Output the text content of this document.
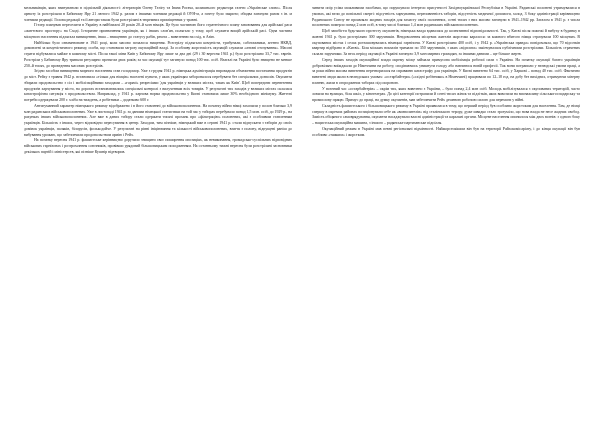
мельниківців, яких звинуватили в підпільній діяльності: літераторів Олену Телігу та Івана Рогача, колишнього редактора газети «Українське слово». Після арешту їх розстріляли в Бабиному Яру 21 лютого 1942 р. разом з іншими членами редакції й ОУН-м, а газету було закрито; обидва загинули разом з ін. м членами редакції. Голова редакції та її автори також були розстріляні в тюремних приміщеннях у травні.

Гітлер планував переселити в Україну в найближчі 20 років 20–й млн німців. Це було частиною його стратегічного плану завоювання для арійської раси «життєвого простору» на Сході. Історичне призначення українців, як і інших слов'ян, полягало у тому, щоб служити вищій арійській расі. Одна частина місцевого населення підлягала винищенню, інша – знищенню до статусу рабів, решта – вивезенню на схід, в Азію.

Найбільш було ознаменоване в 1941 році, коли масово почалося нищення. Розстрілу підлягали комуністи, трибунали, саботажники, агенти НКВД, домовлені за комуністичного режиму, особи, що становили загрозу окупаційній владі. За особливу жорстокість окупацій служили «ачтаві оточування». Масові страти відбувалися майже в кожному місті. Після такої міни Київ у Бабиному Яру лише за два дні (29 і 30 вересня 1941 р.) було розстріляно 33,7 тис. євреїв. Розстріли у Бабиному Яру тривали регулярно протягом двох років; за час окупації тут загинуло понад 100 тис. осіб. Взагалі на Україні було знищено не менше 250–й тисяч, до проведення масових розстрілів.

Згідно засобом винищення мирного населення став голодомор. Уже з грудня 1941 р. німецька адміністрація впровадила обмеження постачання продуктів до міст. Рейху з травня 1942 р. встановила «тільки для німців» населені пункти, у яких українцям заборонялося перебувати без спеціальних дозволів. Окупанти збирали продовольство з сіл і мобілізаційними заходами – «гарячі» репресіями 'для українців у великих містах, таких як Київ'. Щоб попередити перевезення продуктів харчування у місто, на дорогах встановлювались спеціальні контролі з вилученням всіх товарів. У результаті тих заходів у великих містах склалася катастрофічна ситуація з продовольством. Наприклад, у 1941 р. харчова норма продовольства у Києві становила лише 30% необхідного мінімуму. Життєві потреби одержували 200 г. хліба на тиждень, а робітники – додатково 600 г.

Антигуманний характер німецького режиму відображено і в його ставленні до військовополонених. На початку війни німці захопили у полон близько 3,9 млн радянських військовополонених. Уже в листопаді 1941 р. за даними німецької статистики на той час у таборах перебувало понад 1,5 млн. осіб, до 1929 р., на рахунках інших військовополонених. Але вже в даних табору стали одержати тисячі прохань про «фільтрацію» полонених, які з особливим ставленням українців. Більшість з інших, через відповідно пересування в центр. Заходом, тим пізніше, німецький вже в серпні 1941 р. стали відпускати з таборів до своїх домівок українців, поляків, білорусів, фольксдойче. У результаті на рівні ініціювання та кількості військовополонених, взяття з полону, відпущені раніш до вибування урожаю, що забезпечили продовольством армію і Рейх.

На початку вересня 1941 р. фашистське керівництво доручило знищити своє поширення опозиціях, як невиконання, громадсько-суспільних відповідних військових гарнізонах і розгромлення союзників, провівши урядовий більшовицьким походженням. На останньому тижні вересня були розстріляні засновники декількох партій і міністерств, які пізніше Кушнір відтворив.

чинити опір усіма можливими засобами, що порушувало інтереси присутності Західноукраїнської Республіки в Україні. Радянські полонені утримувалися в умовах, які вели до повільної смерті: відсутність харчування, переповненість таборів, відсутність медичної допомоги, холод. З боку адміністрації керівництво Радянського Союзу не проявляло жодних заходів для захисту своїх полонених, сотні тисяч з них масово загинули в 1941–1942 рр. Загалом в 1941 р. з числа полонених померло понад 2 млн осіб, в тому числі близько 1,4 млн радянських військовополонених.

Щоб запобігти будь-якого протесту окупантів, німецька влада вдавалася до колективної відповідальності. Так, у Києві після пожежі й вибуху в будинку в жовтні 1941 р. було розстріляно 300 заручників. Невдоволення місцевих жителів жорстоко каралося: за кожного вбитого німця страчували 100 місцевих. В окупованих містах і селах розташовувались німецькі гарнізони. У Києві розстріляно 400 осіб, і у 1942 р. «Українська правда» повідомляла, що 70 відсотків квартир відібрано в «Києві». Біля міських вокзалів тримали по 350 заручників, з яких «відплата» закінчувалася публічними розстрілами. Більшість страчених склали заручники. За весь період окупації в Україні загинуло 3,9 млн мирних громадян, за іншими даними – ще більше жертв.

Серед інших заходів окупаційної влади окрему місце займала примусова мобілізація робочої сили з України. На початку окупації багато українців добровільно виїжджали до Німеччини на роботу, сподіваючись уникнути голоду або навчитися новій професії. Так вони потрапили у нелюдські умови праці, а за роки війни масова вивезення перетворилася на справжню катастрофу для українців. У Києві вивезено 64 тис. осіб, у Харкові – понад 40 тис. осіб. Фактично вивезені люди жили в нелюдських умовах: «остарбайтери» («східні робітники» в Німеччині) працювали по 12–18 год. на добу без вихідних, отримуючи мізерну платню, жили в огороджених таборах під охороною.

У воєнний час «остарбайтерів» – окрім тих, яких вивезено з України, – було понад 2,4 млн осіб. Молодь мобілізувалася з окупованих територій, часто ловили на вулицях, біля шкіл, у кінотеатрах. До цієї категорії потрапили й сотні тисяч жінок та підлітків, яких вивозили на виснажливу сільськогосподарську та промислову працю. Примус до праці, на думку окупантів, мав забезпечити Рейх дешевою робочою силою для перемоги у війні.

Складність фашистського і більшовицького режиму в Україні проявилася в тому, що перший період був особливо жорстоким для населення. Там, де німці спершу в окремих районах позиціонували себе як «визволителів» від сталінського терору, дуже швидко стало зрозуміло, що нова влада не несе жодних свобод. Замість обіцяного самоврядування, окупанти насаджували власні адміністрації та каральні органи. Місцеве населення опинилося між двох вогнів: з одного боку – нацистська окупаційна машина, з іншого – радянське партизанське підпілля.

Окупаційний режим в Україні мав певні регіональні відмінності. Найжорстокішим він був на території Райхскомісаріату, і до кінця окупації він був особливо «тяжким» і жорстким.
